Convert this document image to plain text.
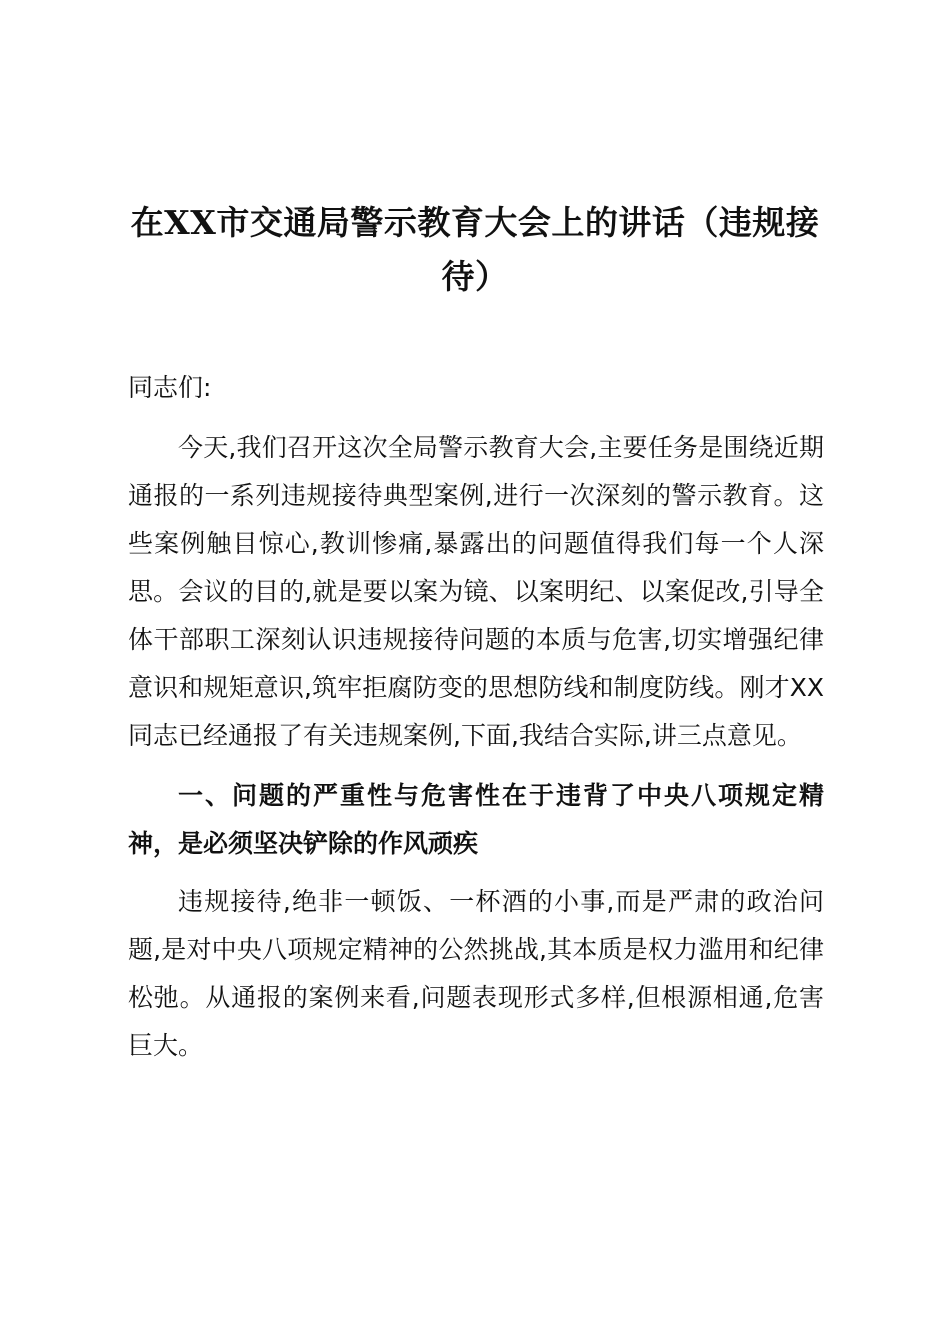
在XX市交通局警示教育大会上的讲话（违规接待）

同志们:

今天,我们召开这次全局警示教育大会,主要任务是围绕近期通报的一系列违规接待典型案例,进行一次深刻的警示教育。这些案例触目惊心,教训惨痛,暴露出的问题值得我们每一个人深思。会议的目的,就是要以案为镜、以案明纪、以案促改,引导全体干部职工深刻认识违规接待问题的本质与危害,切实增强纪律意识和规矩意识,筑牢拒腐防变的思想防线和制度防线。刚才XX同志已经通报了有关违规案例,下面,我结合实际,讲三点意见。

一、问题的严重性与危害性在于违背了中央八项规定精神，是必须坚决铲除的作风顽疾

违规接待,绝非一顿饭、一杯酒的小事,而是严肃的政治问题,是对中央八项规定精神的公然挑战,其本质是权力滥用和纪律松弛。从通报的案例来看,问题表现形式多样,但根源相通,危害巨大。
